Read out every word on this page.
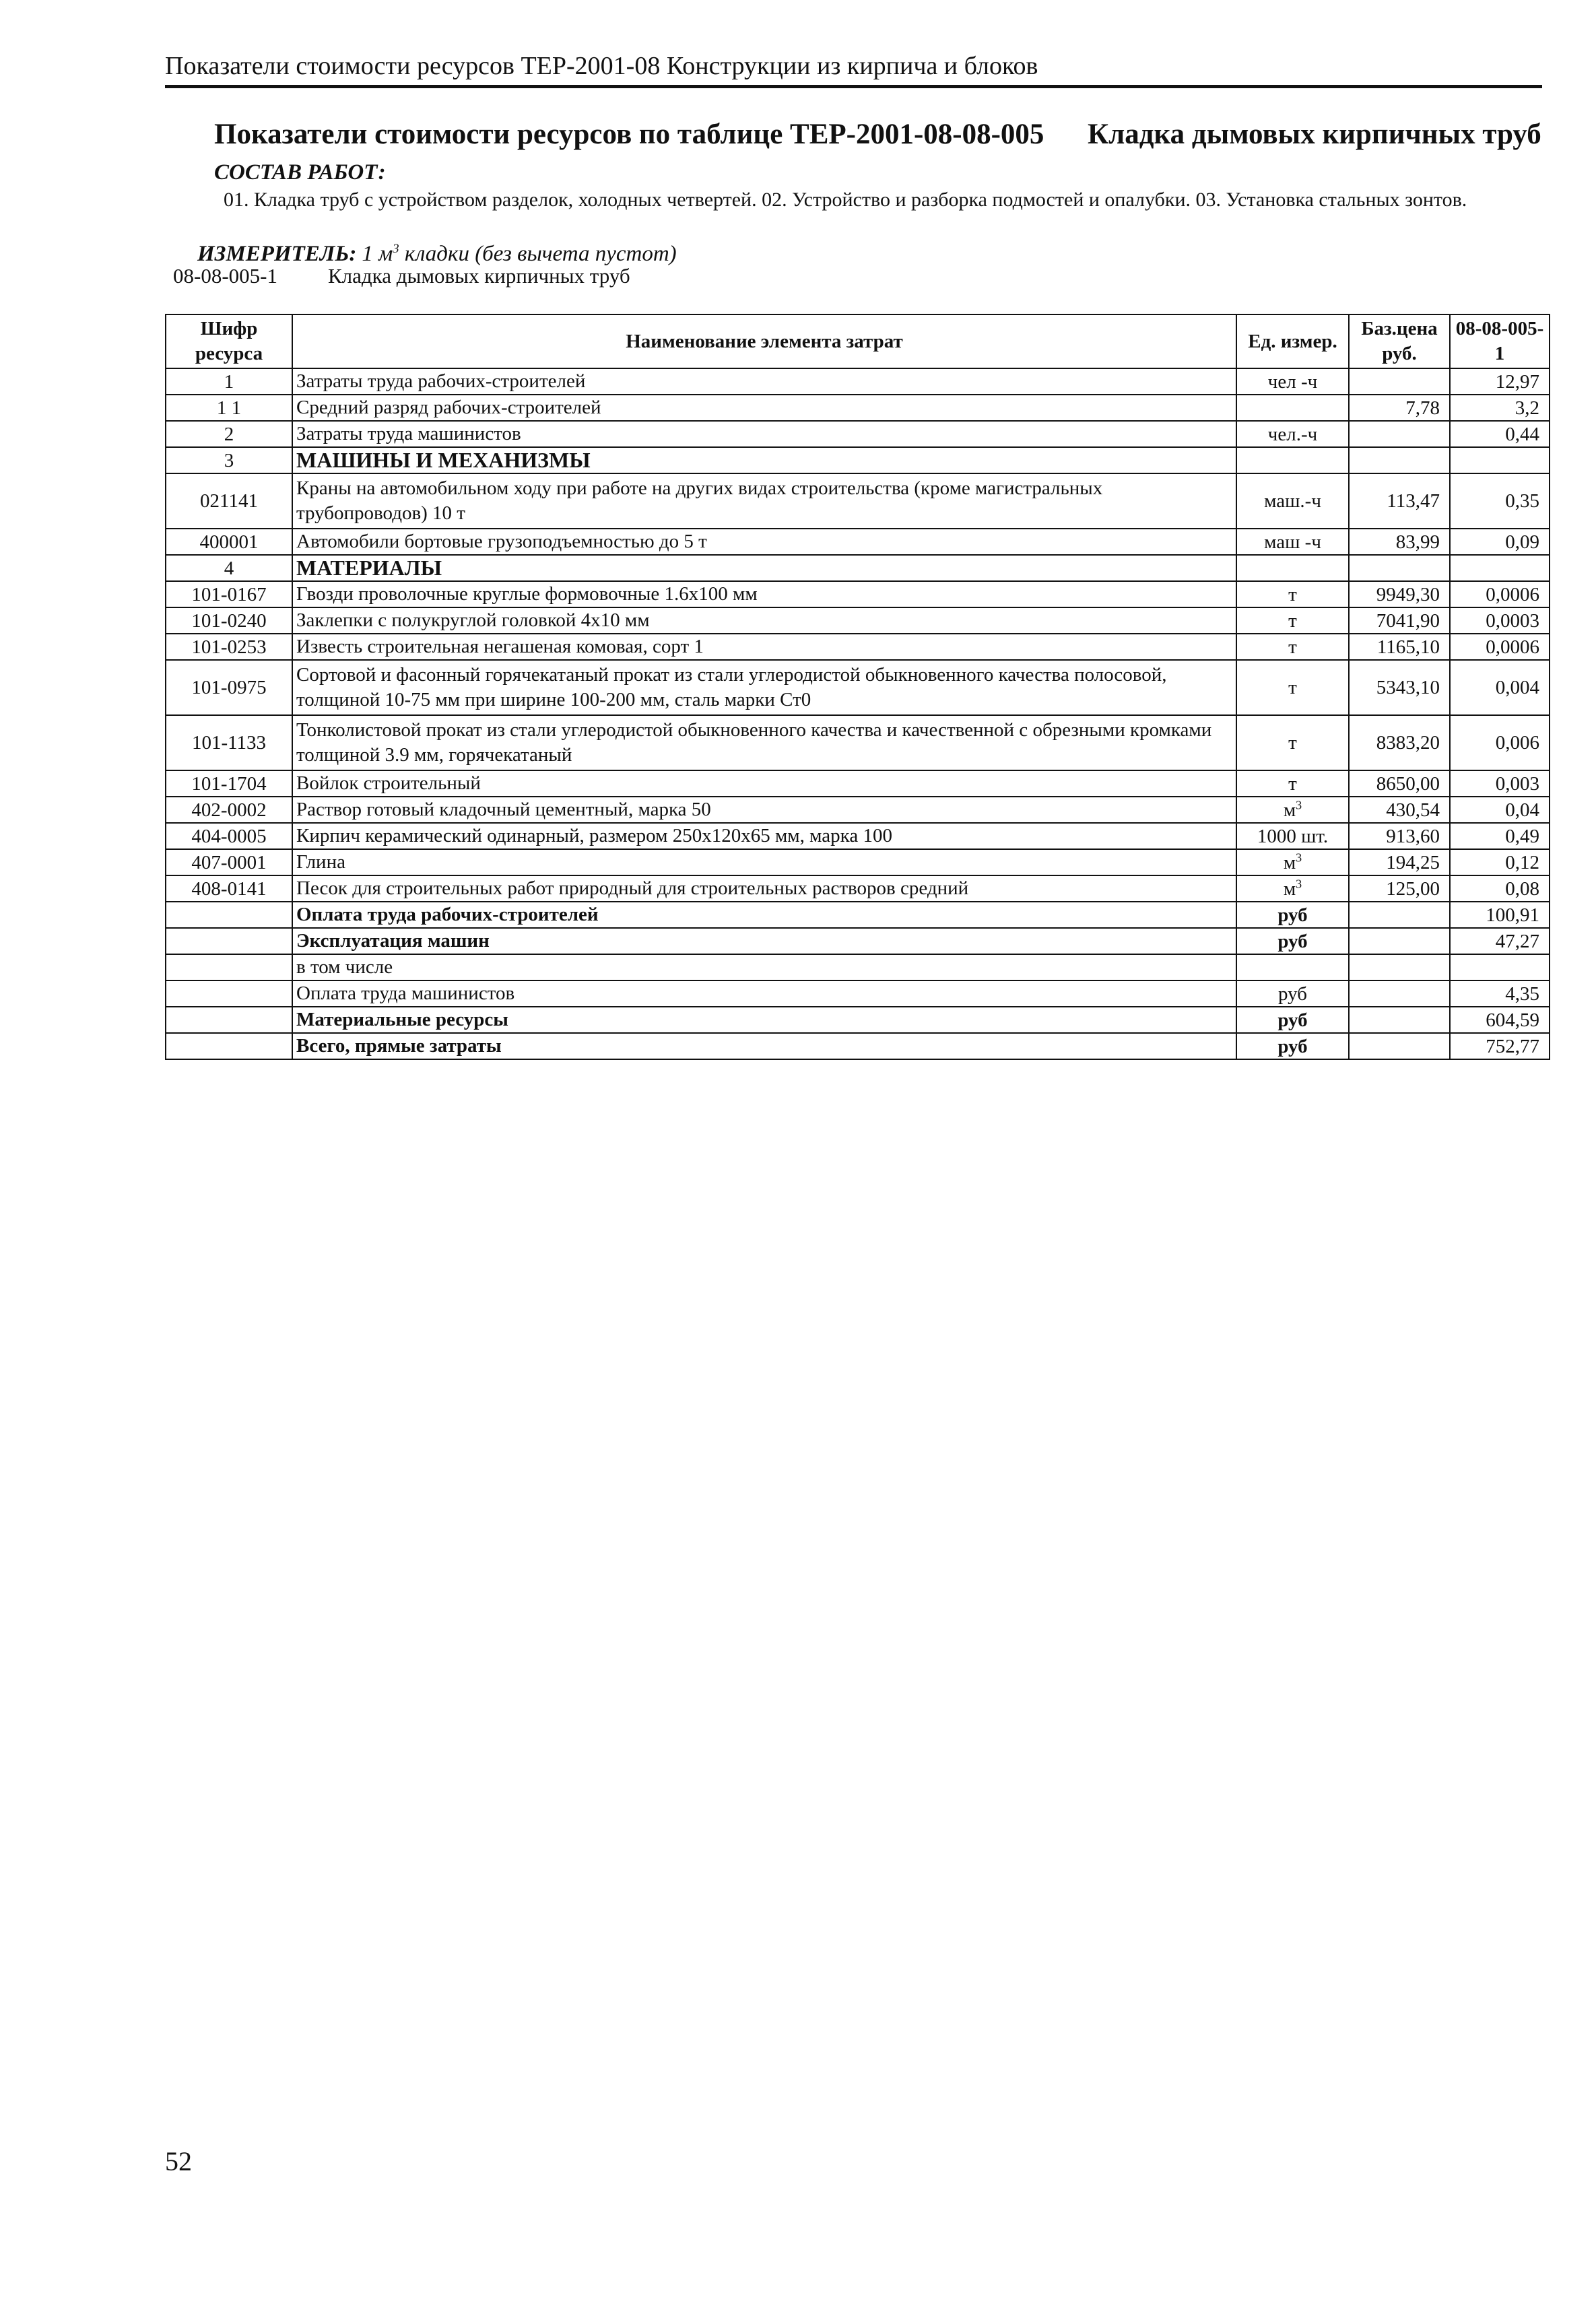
Показатели стоимости ресурсов ТЕР-2001-08 Конструкции из кирпича и блоков
Показатели стоимости ресурсов по таблице ТЕР-2001-08-08-005 Кладка дымовых кирпичных труб
СОСТАВ РАБОТ:
01. Кладка труб с устройством разделок, холодных четвертей. 02. Устройство и разборка подмостей и опалубки. 03. Установка стальных зонтов.
ИЗМЕРИТЕЛЬ: 1 $м^3$ кладки (без вычета пустот)
08-08-005-1 Кладка дымовых кирпичных труб
Шифр ресурса	Наименование элемента затрат	Ед. измер.	Баз.цена руб.	08-08-005-1
1	Затраты труда рабочих-строителей	чел -ч		12,97
1 1	Средний разряд рабочих-строителей		7,78	3,2
2	Затраты труда машинистов	чел.-ч		0,44
3	МАШИНЫ И МЕХАНИЗМЫ			
021141	Краны на автомобильном ходу при работе на других видах строительства (кроме магистральных трубопроводов) 10 т	маш.-ч	113,47	0,35
400001	Автомобили бортовые грузоподъемностью до 5 т	маш -ч	83,99	0,09
4	МАТЕРИАЛЫ			
101-0167	Гвозди проволочные круглые формовочные 1.6х100 мм	т	9949,30	0,0006
101-0240	Заклепки с полукруглой головкой 4х10 мм	т	7041,90	0,0003
101-0253	Известь строительная негашеная комовая, сорт 1	т	1165,10	0,0006
101-0975	Сортовой и фасонный горячекатаный прокат из стали углеродистой обыкновенного качества полосовой, толщиной 10-75 мм при ширине 100-200 мм, сталь марки Ст0	т	5343,10	0,004
101-1133	Тонколистовой прокат из стали углеродистой обыкновенного качества и качественной с обрезными кромками толщиной 3.9 мм, горячекатаный	т	8383,20	0,006
101-1704	Войлок строительный	т	8650,00	0,003
402-0002	Раствор готовый кладочный цементный, марка 50	$м^3$	430,54	0,04
404-0005	Кирпич керамический одинарный, размером 250х120х65 мм, марка 100	1000 шт.	913,60	0,49
407-0001	Глина	$м^3$	194,25	0,12
408-0141	Песок для строительных работ природный для строительных растворов средний	$м^3$	125,00	0,08
	Оплата труда рабочих-строителей	руб		100,91
	Эксплуатация машин	руб		47,27
	в том числе			
	Оплата труда машинистов	руб		4,35
	Материальные ресурсы	руб		604,59
	Всего, прямые затраты	руб		752,77
52
